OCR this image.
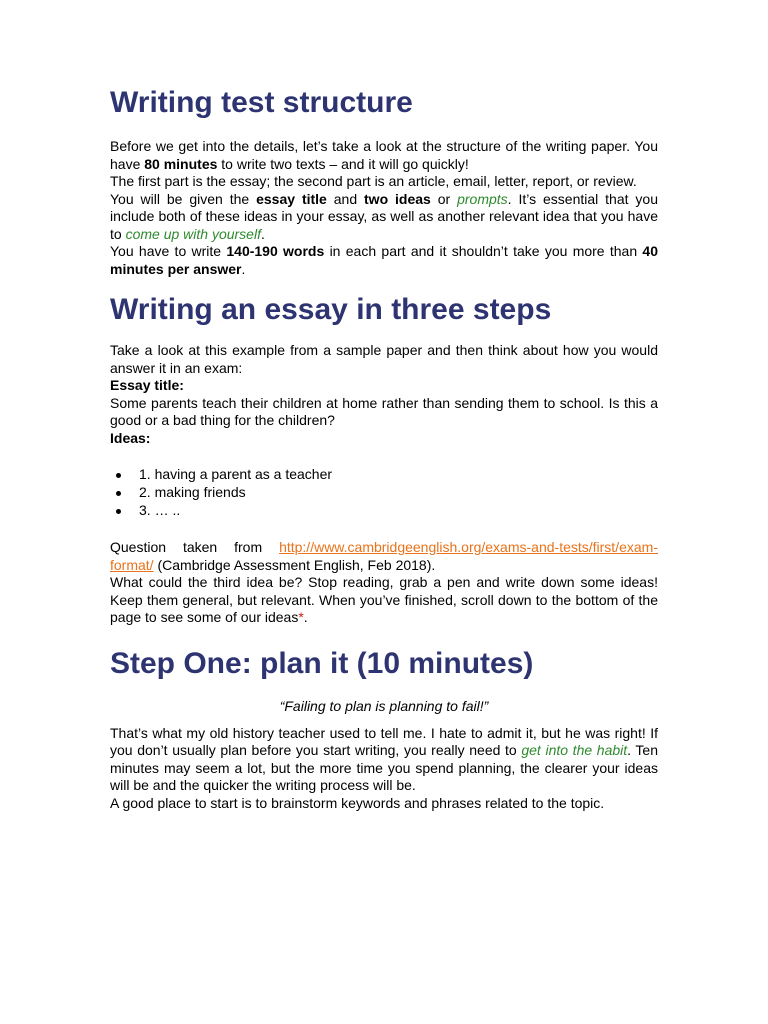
Writing test structure

Before we get into the details, let’s take a look at the structure of the writing paper. You have 80 minutes to write two texts – and it will go quickly!

The first part is the essay; the second part is an article, email, letter, report, or review.

You will be given the essay title and two ideas or prompts. It’s essential that you include both of these ideas in your essay, as well as another relevant idea that you have to come up with yourself.

You have to write 140-190 words in each part and it shouldn’t take you more than 40 minutes per answer.

Writing an essay in three steps

Take a look at this example from a sample paper and then think about how you would answer it in an exam:

Essay title:

Some parents teach their children at home rather than sending them to school. Is this a good or a bad thing for the children?

Ideas:

1. having a parent as a teacher
2. making friends
3. … ..

Question taken from http://www.cambridgeenglish.org/exams-and-tests/first/exam-format/ (Cambridge Assessment English, Feb 2018).

What could the third idea be? Stop reading, grab a pen and write down some ideas! Keep them general, but relevant. When you’ve finished, scroll down to the bottom of the page to see some of our ideas*.

Step One: plan it (10 minutes)

“Failing to plan is planning to fail!”

That’s what my old history teacher used to tell me. I hate to admit it, but he was right! If you don’t usually plan before you start writing, you really need to get into the habit. Ten minutes may seem a lot, but the more time you spend planning, the clearer your ideas will be and the quicker the writing process will be.

A good place to start is to brainstorm keywords and phrases related to the topic.
